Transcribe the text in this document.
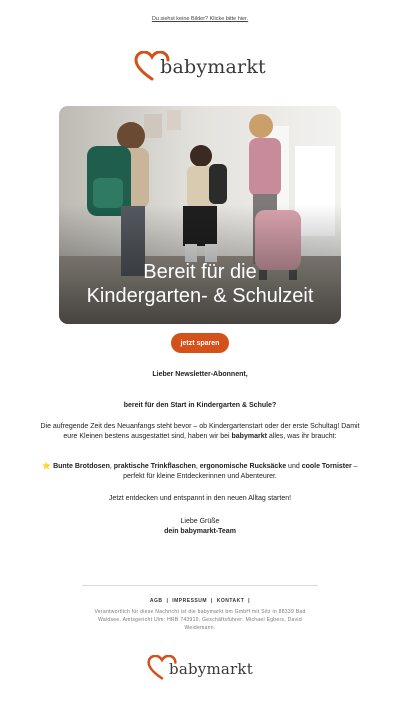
Du siehst keine Bilder? Klicke bitte hier.
babymarkt
Bereit für die
Kindergarten- & Schulzeit
jetzt sparen
Lieber Newsletter-Abonnent,
bereit für den Start in Kindergarten & Schule?
Die aufregende Zeit des Neuanfangs steht bevor – ob Kindergartenstart oder der erste Schultag! Damit eure Kleinen bestens ausgestattet sind, haben wir bei babymarkt alles, was ihr braucht:
⭐ Bunte Brotdosen, praktische Trinkflaschen, ergonomische Rucksäcke und coole Tornister – perfekt für kleine Entdeckerinnen und Abenteurer.
Jetzt entdecken und entspannt in den neuen Alltag starten!
Liebe Grüße
dein babymarkt-Team
AGB | IMPRESSUM | KONTAKT |
Verantwortlich für diese Nachricht ist die babymarkt bm GmbH mit Sitz in 88339 Bad Waldsee. Amtsgericht Ulm: HRB 743910, Geschäftsführer: Michael Egbers, David Weidemann.
babymarkt
